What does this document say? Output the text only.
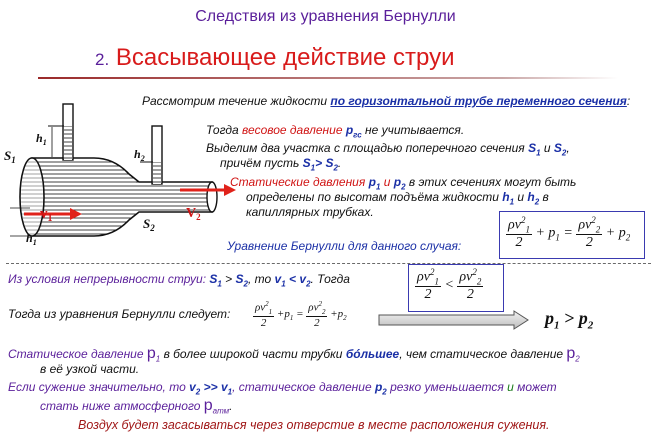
Следствия из уравнения Бернулли
2. Всасывающее действие струи
Рассмотрим течение жидкости по горизонтальной трубе переменного сечения:
$S_1$
$h_1$
$h_2$
$S_2$
$h_1$
$v_1$	$V_2$
Тогда весовое давление $p_{гс}$ не учитывается.
Выделим два участка с площадью поперечного сечения $S_1$ и $S_2$,
причём пусть $S_1> S_2$.
Статические давления $p_1$ и $p_2$ в этих сечениях могут быть
определены по высотам подъёма жидкости $h_1$ и $h_2$ в
капиллярных трубках.
Уравнение Бернулли для данного случая:	$\frac{\rho v^2_1}{2} + p_1 = \frac{\rho v^2_2}{2} + p_2$
Из условия непрерывности струи: $S_1 > S_2$, то $v_1 < v_2$. Тогда	$\frac{\rho v^2_1}{2} < \frac{\rho v^2_2}{2}$
Тогда из уравнения Бернулли следует: $\frac{\rho v^2_1}{2} +p_1 = \frac{\rho v^2_2}{2} +p_2$	$p_1 > p_2$
Статическое давление $p_1$ в более широкой части трубки бóльшее, чем статическое давление $p_2$
в её узкой части.
Если сужение значительно, то $v_2 >> v_1$, статическое давление $p_2$ резко уменьшается и может
стать ниже атмосферного $p_{атм}$.
Воздух будет засасываться через отверстие в месте расположения сужения.
